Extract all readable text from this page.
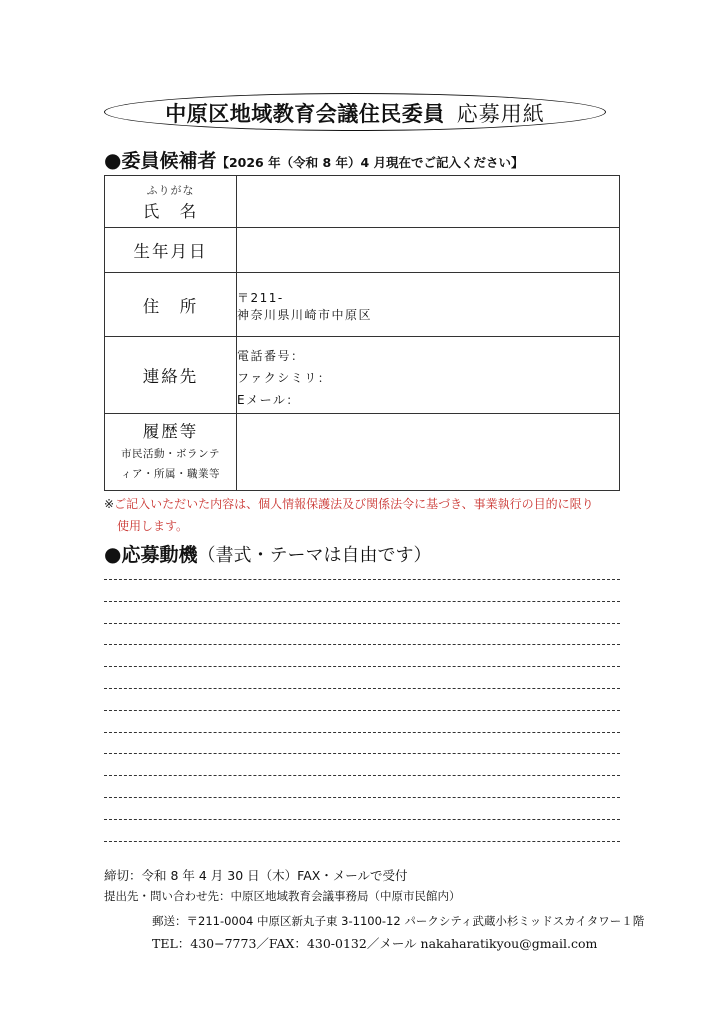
中原区地域教育会議住民委員 応募用紙
●委員候補者【2026 年（令和 8 年）4 月現在でご記入ください】
ふりがな
氏　名	

生年月日	

住　所	〒211-
神奈川県川崎市中原区

連絡先	電話番号：
ファクシミリ：
Eメール：

履歴等
市民活動・ボランテ
ィア・所属・職業等	

※ご記入いただいた内容は、個人情報保護法及び関係法令に基づき、事業執行の目的に限り
使用します。
●応募動機（書式・テーマは自由です）
締切：令和 8 年 4 月 30 日（木）FAX・メールで受付
提出先・問い合わせ先：中原区地域教育会議事務局（中原市民館内）
郵送：〒211-0004 中原区新丸子東 3-1100-12 パークシティ武蔵小杉ミッドスカイタワー１階
TEL：430−7773／FAX：430-0132／メール nakaharatikyou@gmail.com
